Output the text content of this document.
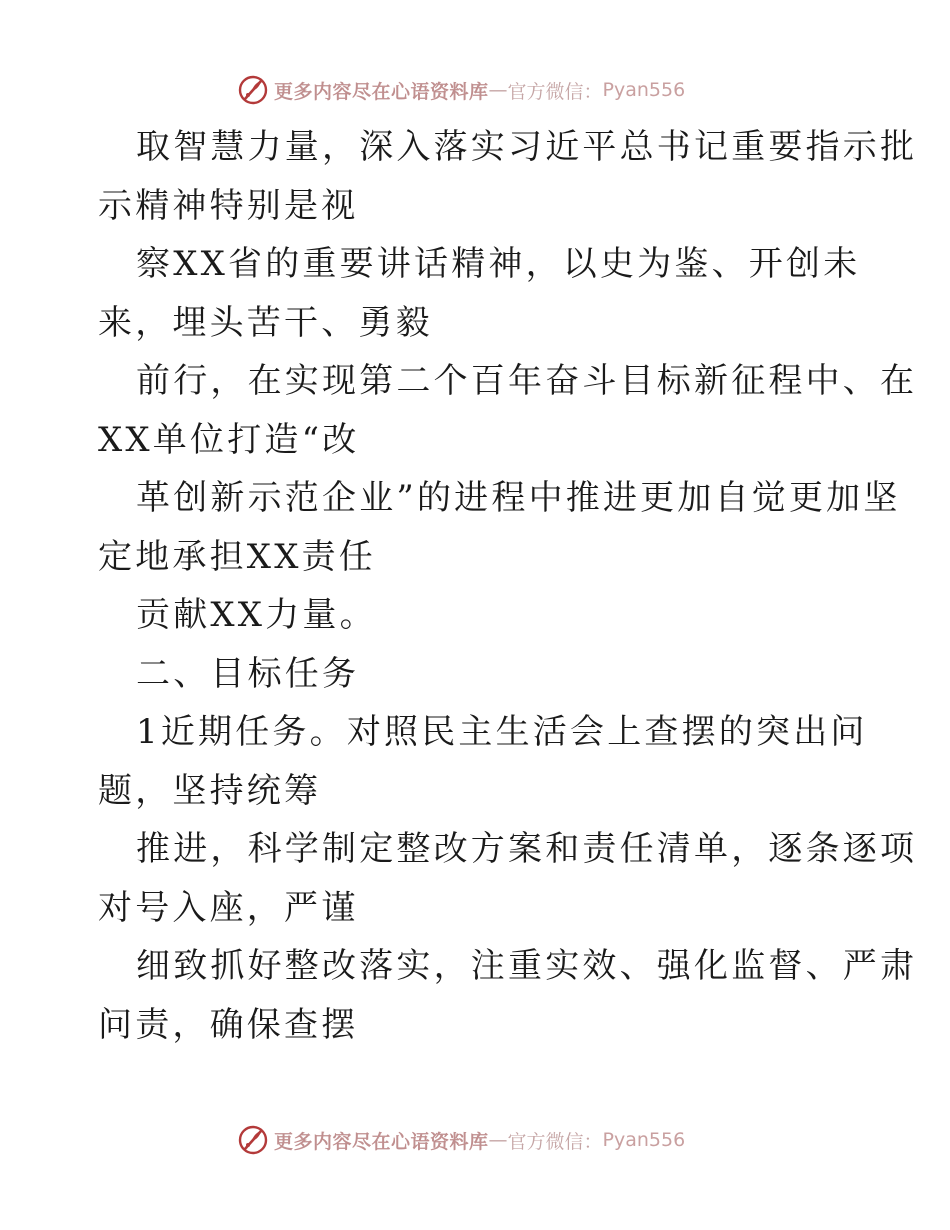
更多内容尽在心语资料库 — 官方微信： Pyan556
取智慧力量，深入落实习近平总书记重要指示批
示精神特别是视
察XX省的重要讲话精神，以史为鉴、开创未
来，埋头苦干、勇毅
前行，在实现第二个百年奋斗目标新征程中、在
XX单位打造“改
革创新示范企业”的进程中推进更加自觉更加坚
定地承担XX责任
贡献XX力量。
二、目标任务
1近期任务。对照民主生活会上查摆的突出问
题，坚持统筹
推进，科学制定整改方案和责任清单，逐条逐项
对号入座，严谨
细致抓好整改落实，注重实效、强化监督、严肃
问责，确保查摆
更多内容尽在心语资料库 — 官方微信： Pyan556
